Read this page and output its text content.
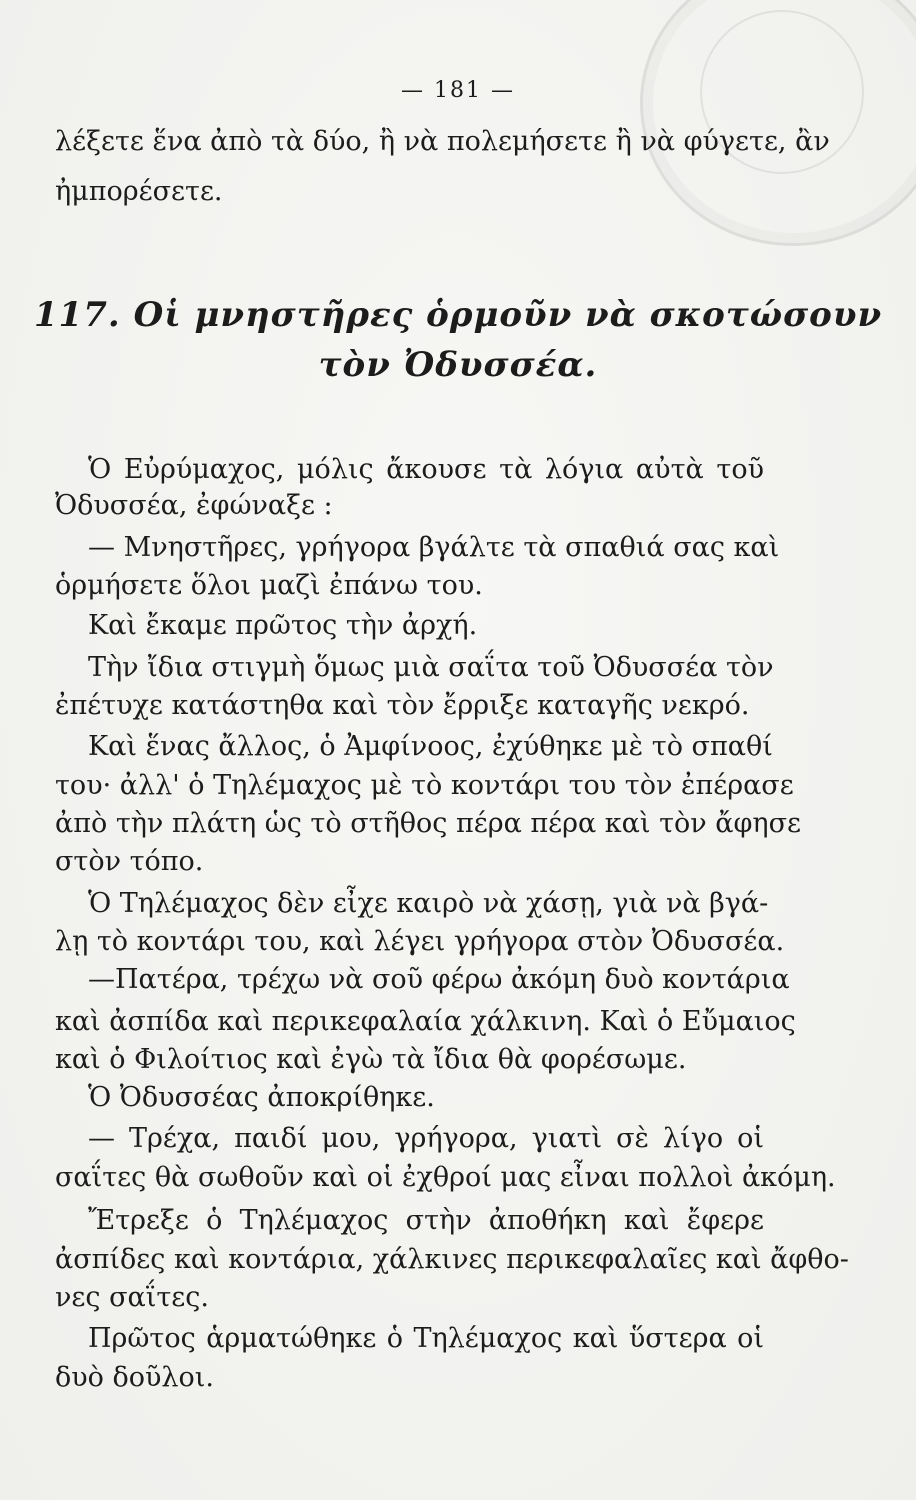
— 181 —
λέξετε ἕνα ἀπὸ τὰ δύο, ἢ νὰ πολεμήσετε ἢ νὰ φύγετε, ἂν
ἠμπορέσετε.
117. Οἱ μνηστῆρες ὁρμοῦν νὰ σκοτώσουν
τὸν Ὀδυσσέα.
Ὁ Εὐρύμαχος, μόλις ἄκουσε τὰ λόγια αὐτὰ τοῦ
Ὀδυσσέα, ἐφώναξε :
— Μνηστῆρες, γρήγορα βγάλτε τὰ σπαθιά σας καὶ
ὁρμήσετε ὅλοι μαζὶ ἐπάνω του.
Καὶ ἔκαμε πρῶτος τὴν ἀρχή.
Τὴν ἴδια στιγμὴ ὅμως μιὰ σαΐτα τοῦ Ὀδυσσέα τὸν
ἐπέτυχε κατάστηθα καὶ τὸν ἔρριξε καταγῆς νεκρό.
Καὶ ἕνας ἄλλος, ὁ Ἀμφίνοος, ἐχύθηκε μὲ τὸ σπαθί
του· ἀλλ' ὁ Τηλέμαχος μὲ τὸ κοντάρι του τὸν ἐπέρασε
ἀπὸ τὴν πλάτη ὡς τὸ στῆθος πέρα πέρα καὶ τὸν ἄφησε
στὸν τόπο.
Ὁ Τηλέμαχος δὲν εἶχε καιρὸ νὰ χάσῃ, γιὰ νὰ βγά-
λῃ τὸ κοντάρι του, καὶ λέγει γρήγορα στὸν Ὀδυσσέα.
—Πατέρα, τρέχω νὰ σοῦ φέρω ἀκόμη δυὸ κοντάρια
καὶ ἀσπίδα καὶ περικεφαλαία χάλκινη. Καὶ ὁ Εὔμαιος
καὶ ὁ Φιλοίτιος καὶ ἐγὼ τὰ ἴδια θὰ φορέσωμε.
Ὁ Ὀδυσσέας ἀποκρίθηκε.
— Τρέχα, παιδί μου, γρήγορα, γιατὶ σὲ λίγο οἱ
σαΐτες θὰ σωθοῦν καὶ οἱ ἐχθροί μας εἶναι πολλοὶ ἀκόμη.
Ἔτρεξε ὁ Τηλέμαχος στὴν ἀποθήκη καὶ ἔφερε
ἀσπίδες καὶ κοντάρια, χάλκινες περικεφαλαῖες καὶ ἄφθο-
νες σαΐτες.
Πρῶτος ἁρματώθηκε ὁ Τηλέμαχος καὶ ὕστερα οἱ
δυὸ δοῦλοι.
